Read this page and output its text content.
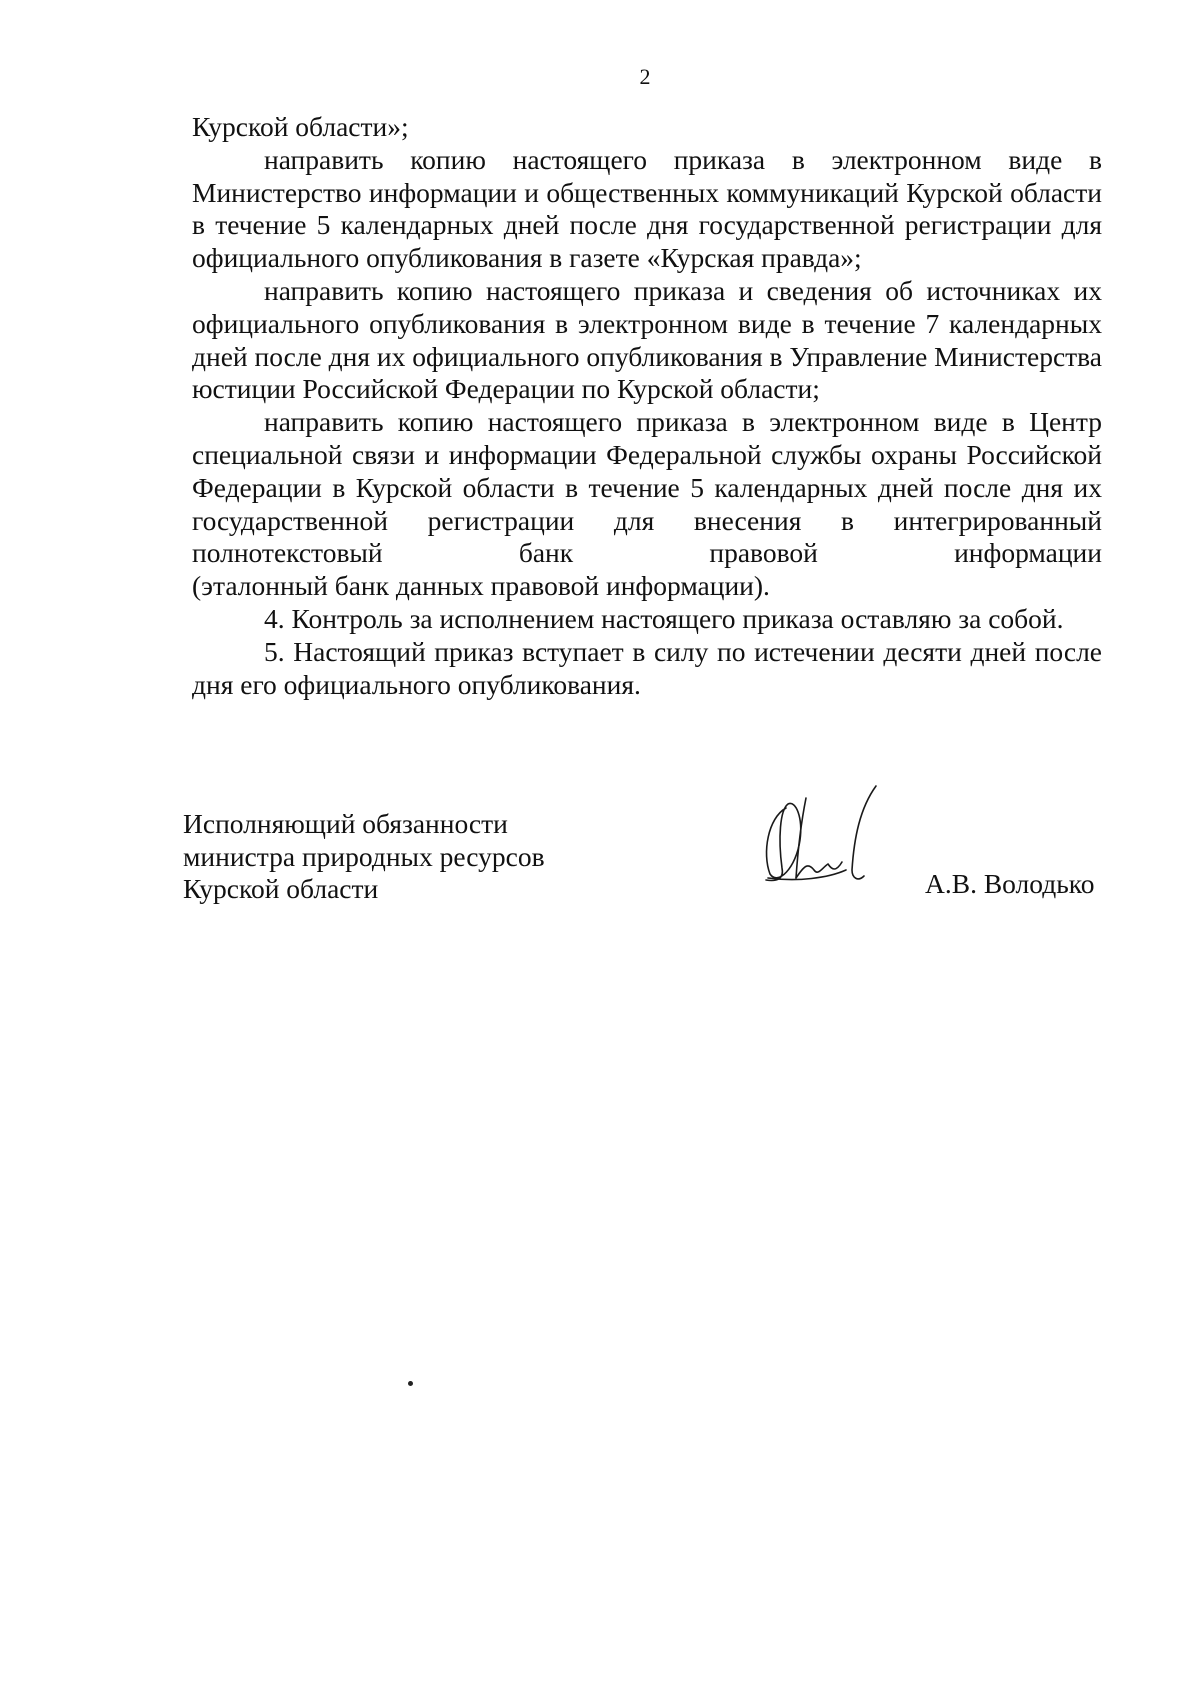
2

Курской области»;

направить копию настоящего приказа в электронном виде в Министерство информации и общественных коммуникаций Курской области в течение 5 календарных дней после дня государственной регистрации для официального опубликования в газете «Курская правда»;

направить копию настоящего приказа и сведения об источниках их официального опубликования в электронном виде в течение 7 календарных дней после дня их официального опубликования в Управление Министерства юстиции Российской Федерации по Курской области;

направить копию настоящего приказа в электронном виде в Центр специальной связи и информации Федеральной службы охраны Российской Федерации в Курской области в течение 5 календарных дней после дня их государственной регистрации для внесения в интегрированный полнотекстовый банк правовой информации

(эталонный банк данных правовой информации).

4. Контроль за исполнением настоящего приказа оставляю за собой.

5. Настоящий приказ вступает в силу по истечении десяти дней после дня его официального опубликования.

Исполняющий обязанности
министра природных ресурсов
Курской области	А.В. Володько
